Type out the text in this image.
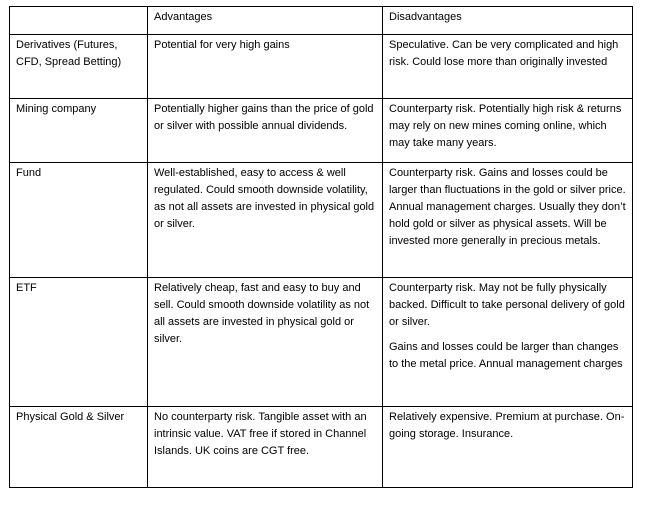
	Advantages	Disadvantages

Derivatives (Futures, CFD, Spread Betting)	Potential for very high gains	Speculative. Can be very complicated and high risk. Could lose more than originally invested

Mining company	Potentially higher gains than the price of gold or silver with possible annual dividends.	Counterparty risk. Potentially high risk & returns may rely on new mines coming online, which may take many years.

Fund	Well-established, easy to access & well regulated. Could smooth downside volatility, as not all assets are invested in physical gold or silver.	Counterparty risk. Gains and losses could be larger than fluctuations in the gold or silver price. Annual management charges. Usually they don’t hold gold or silver as physical assets. Will be invested more generally in precious metals.

ETF	Relatively cheap, fast and easy to buy and sell. Could smooth downside volatility as not all assets are invested in physical gold or silver.	Counterparty risk. May not be fully physically backed. Difficult to take personal delivery of gold or silver.
Gains and losses could be larger than changes to the metal price. Annual management charges

Physical Gold & Silver	No counterparty risk. Tangible asset with an intrinsic value. VAT free if stored in Channel Islands. UK coins are CGT free.	Relatively expensive. Premium at purchase. On-going storage. Insurance.
